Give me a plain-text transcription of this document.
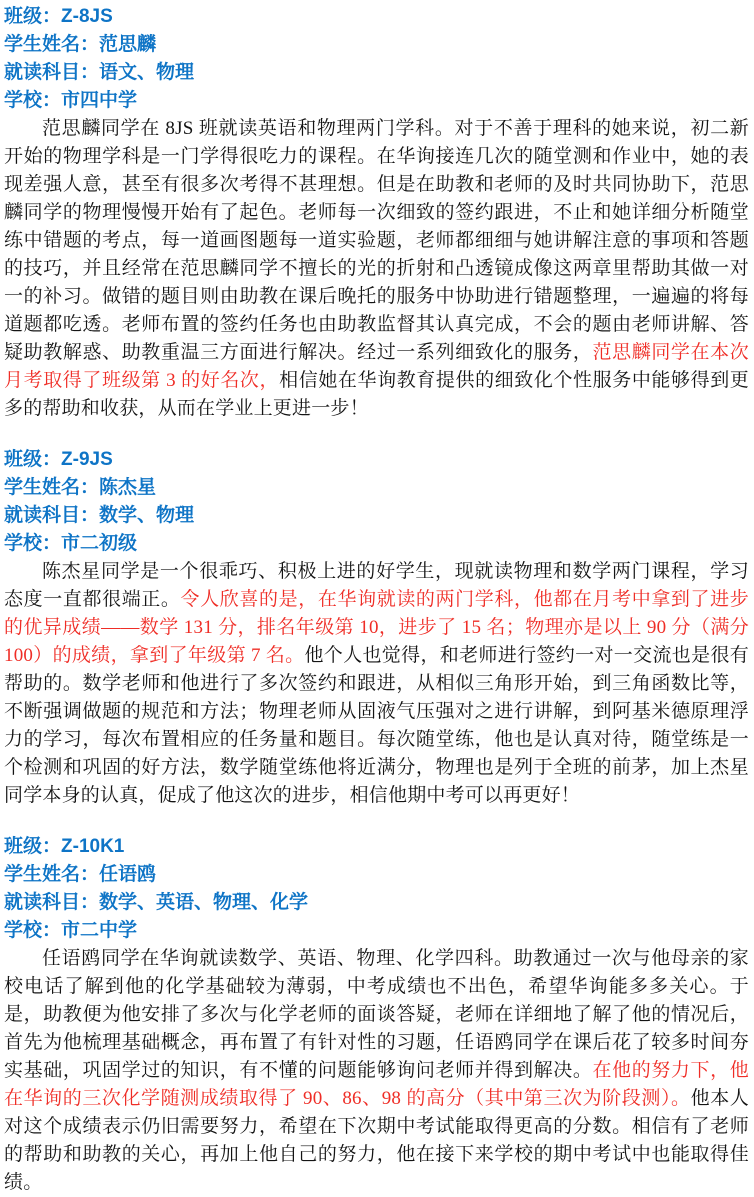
班级：Z-8JS
学生姓名：范思麟
就读科目：语文、物理
学校：市四中学

范思麟同学在 8JS 班就读英语和物理两门学科。对于不善于理科的她来说，初二新开始的物理学科是一门学得很吃力的课程。在华询接连几次的随堂测和作业中，她的表现差强人意，甚至有很多次考得不甚理想。但是在助教和老师的及时共同协助下，范思麟同学的物理慢慢开始有了起色。老师每一次细致的签约跟进，不止和她详细分析随堂练中错题的考点，每一道画图题每一道实验题，老师都细细与她讲解注意的事项和答题的技巧，并且经常在范思麟同学不擅长的光的折射和凸透镜成像这两章里帮助其做一对一的补习。做错的题目则由助教在课后晚托的服务中协助进行错题整理，一遍遍的将每道题都吃透。老师布置的签约任务也由助教监督其认真完成，不会的题由老师讲解、答疑助教解惑、助教重温三方面进行解决。经过一系列细致化的服务，范思麟同学在本次月考取得了班级第 3 的好名次，相信她在华询教育提供的细致化个性服务中能够得到更多的帮助和收获，从而在学业上更进一步！

班级：Z-9JS
学生姓名：陈杰星
就读科目：数学、物理
学校：市二初级

陈杰星同学是一个很乖巧、积极上进的好学生，现就读物理和数学两门课程，学习态度一直都很端正。令人欣喜的是，在华询就读的两门学科，他都在月考中拿到了进步的优异成绩——数学 131 分，排名年级第 10，进步了 15 名；物理亦是以上 90 分（满分 100）的成绩，拿到了年级第 7 名。他个人也觉得，和老师进行签约一对一交流也是很有帮助的。数学老师和他进行了多次签约和跟进，从相似三角形开始，到三角函数比等，不断强调做题的规范和方法；物理老师从固液气压强对之进行讲解，到阿基米德原理浮力的学习，每次布置相应的任务量和题目。每次随堂练，他也是认真对待，随堂练是一个检测和巩固的好方法，数学随堂练他将近满分，物理也是列于全班的前茅，加上杰星同学本身的认真，促成了他这次的进步，相信他期中考可以再更好！

班级：Z-10K1
学生姓名：任语鸥
就读科目：数学、英语、物理、化学
学校：市二中学

任语鸥同学在华询就读数学、英语、物理、化学四科。助教通过一次与他母亲的家校电话了解到他的化学基础较为薄弱，中考成绩也不出色，希望华询能多多关心。于是，助教便为他安排了多次与化学老师的面谈答疑，老师在详细地了解了他的情况后，首先为他梳理基础概念，再布置了有针对性的习题，任语鸥同学在课后花了较多时间夯实基础，巩固学过的知识，有不懂的问题能够询问老师并得到解决。在他的努力下，他在华询的三次化学随测成绩取得了 90、86、98 的高分（其中第三次为阶段测）。他本人对这个成绩表示仍旧需要努力，希望在下次期中考试能取得更高的分数。相信有了老师的帮助和助教的关心，再加上他自己的努力，他在接下来学校的期中考试中也能取得佳绩。
